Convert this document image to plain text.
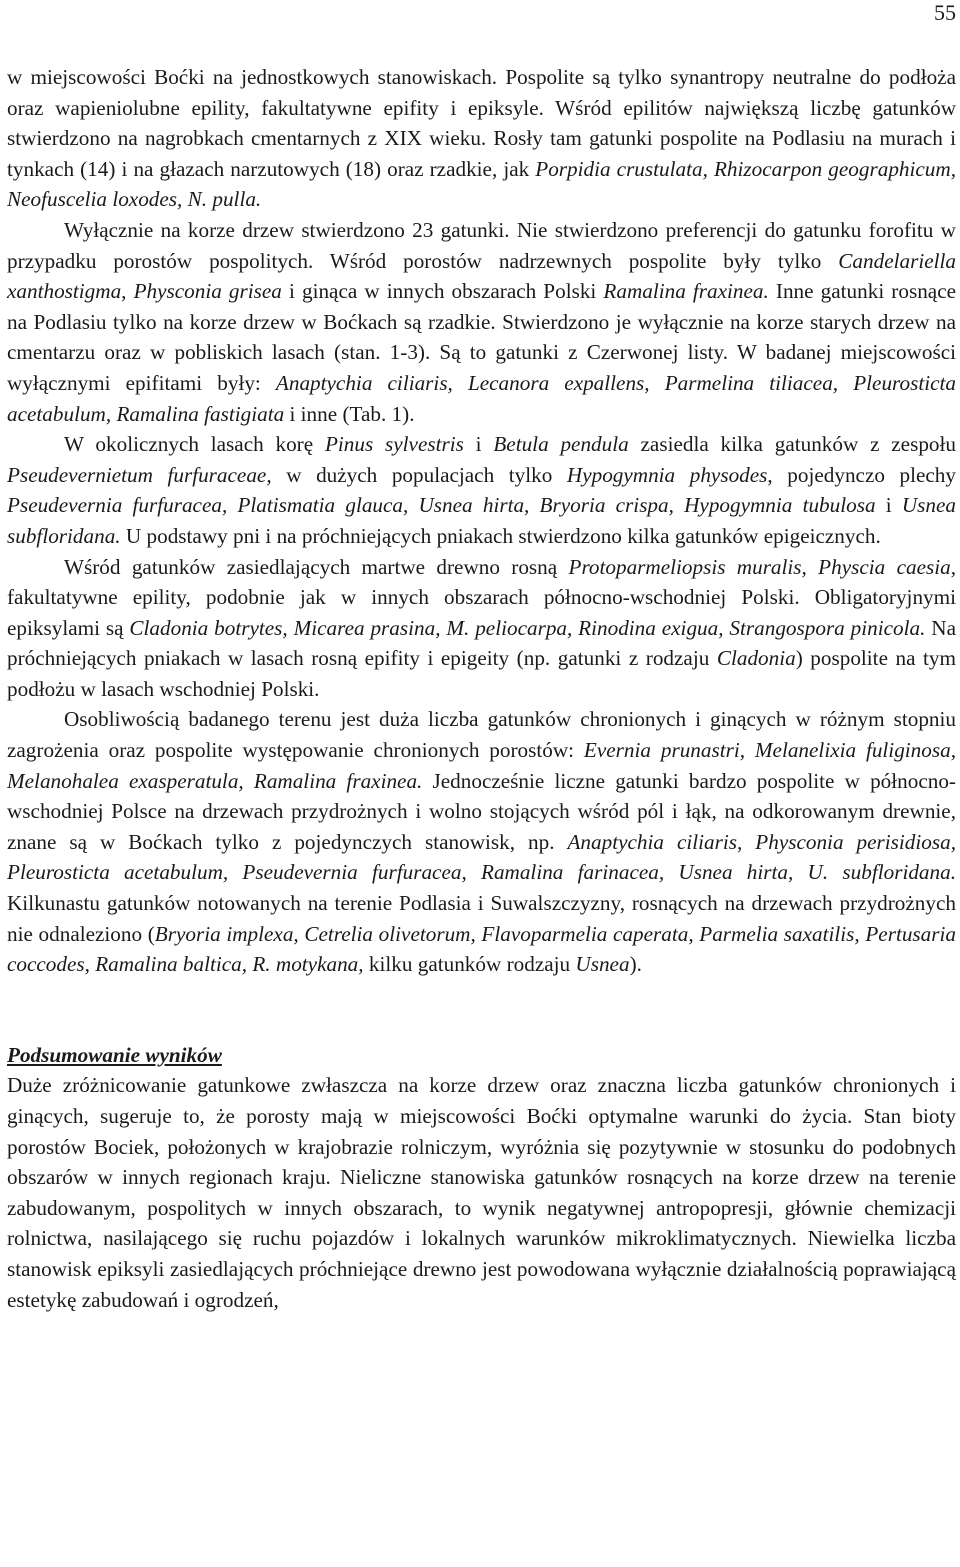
55

w miejscowości Boćki na jednostkowych stanowiskach. Pospolite są tylko synantropy neutralne do podłoża oraz wapieniolubne epility, fakultatywne epifity i epiksyle. Wśród epilitów największą liczbę gatunków stwierdzono na nagrobkach cmentarnych z XIX wieku. Rosły tam gatunki pospolite na Podlasiu na murach i tynkach (14) i na głazach narzutowych (18) oraz rzadkie, jak Porpidia crustulata, Rhizocarpon geographicum, Neofuscelia loxodes, N. pulla.

Wyłącznie na korze drzew stwierdzono 23 gatunki. Nie stwierdzono preferencji do gatunku forofitu w przypadku porostów pospolitych. Wśród porostów nadrzewnych pospolite były tylko Candelariella xanthostigma, Physconia grisea i ginąca w innych obszarach Polski Ramalina fraxinea. Inne gatunki rosnące na Podlasiu tylko na korze drzew w Boćkach są rzadkie. Stwierdzono je wyłącznie na korze starych drzew na cmentarzu oraz w pobliskich lasach (stan. 1-3). Są to gatunki z Czerwonej listy. W badanej miejscowości wyłącznymi epifitami były: Anaptychia ciliaris, Lecanora expallens, Parmelina tiliacea, Pleurosticta acetabulum, Ramalina fastigiata i inne (Tab. 1).

W okolicznych lasach korę Pinus sylvestris i Betula pendula zasiedla kilka gatunków z zespołu Pseudevernietum furfuraceae, w dużych populacjach tylko Hypogymnia physodes, pojedynczo plechy Pseudevernia furfuracea, Platismatia glauca, Usnea hirta, Bryoria crispa, Hypogymnia tubulosa i Usnea subfloridana. U podstawy pni i na próchniejących pniakach stwierdzono kilka gatunków epigeicznych.

Wśród gatunków zasiedlających martwe drewno rosną Protoparmeliopsis muralis, Physcia caesia, fakultatywne epility, podobnie jak w innych obszarach północno-wschodniej Polski. Obligatoryjnymi epiksylami są Cladonia botrytes, Micarea prasina, M. peliocarpa, Rinodina exigua, Strangospora pinicola. Na próchniejących pniakach w lasach rosną epifity i epigeity (np. gatunki z rodzaju Cladonia) pospolite na tym podłożu w lasach wschodniej Polski.

Osobliwością badanego terenu jest duża liczba gatunków chronionych i ginących w różnym stopniu zagrożenia oraz pospolite występowanie chronionych porostów: Evernia prunastri, Melanelixia fuliginosa, Melanohalea exasperatula, Ramalina fraxinea. Jednocześnie liczne gatunki bardzo pospolite w północno-wschodniej Polsce na drzewach przydrożnych i wolno stojących wśród pól i łąk, na odkorowanym drewnie, znane są w Boćkach tylko z pojedynczych stanowisk, np. Anaptychia ciliaris, Physconia perisidiosa, Pleurosticta acetabulum, Pseudevernia furfuracea, Ramalina farinacea, Usnea hirta, U. subfloridana. Kilkunastu gatunków notowanych na terenie Podlasia i Suwalszczyzny, rosnących na drzewach przydrożnych nie odnaleziono (Bryoria implexa, Cetrelia olivetorum, Flavoparmelia caperata, Parmelia saxatilis, Pertusaria coccodes, Ramalina baltica, R. motykana, kilku gatunków rodzaju Usnea).

Podsumowanie wyników

Duże zróżnicowanie gatunkowe zwłaszcza na korze drzew oraz znaczna liczba gatunków chronionych i ginących, sugeruje to, że porosty mają w miejscowości Boćki optymalne warunki do życia. Stan bioty porostów Bociek, położonych w krajobrazie rolniczym, wyróżnia się pozytywnie w stosunku do podobnych obszarów w innych regionach kraju. Nieliczne stanowiska gatunków rosnących na korze drzew na terenie zabudowanym, pospolitych w innych obszarach, to wynik negatywnej antropopresji, głównie chemizacji rolnictwa, nasilającego się ruchu pojazdów i lokalnych warunków mikroklimatycznych. Niewielka liczba stanowisk epiksyli zasiedlających próchniejące drewno jest powodowana wyłącznie działalnością poprawiającą estetykę zabudowań i ogrodzeń,
